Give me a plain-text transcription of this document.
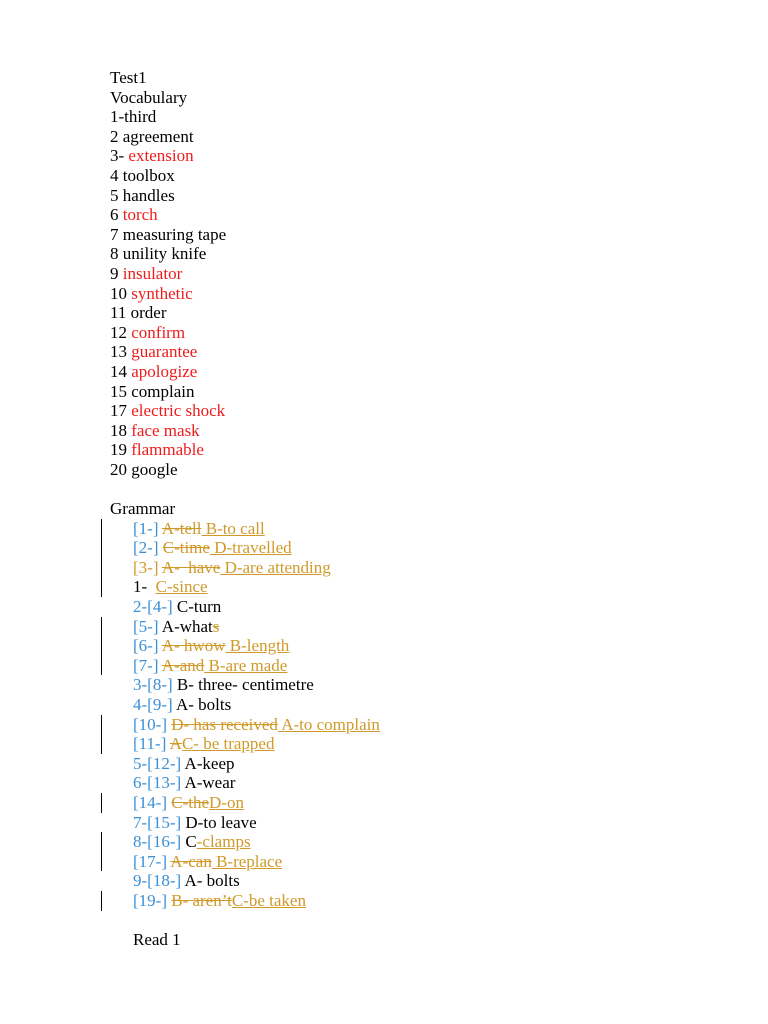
Test1
Vocabulary
1-third
2 agreement
3- extension
4 toolbox
5 handles
6 torch
7 measuring tape
8 unility knife
9 insulator
10 synthetic
11 order
12 confirm
13 guarantee
14 apologize
15 complain
17 electric shock
18 face mask
19 flammable
20 google
Grammar
[1-] A-tell B-to call
[2-] C-time D-travelled
[3-] A-  have D-are attending
1-  C-since
2-[4-] C-turn
[5-] A-whats
[6-] A- hwow B-length
[7-] A-and B-are made
3-[8-] B- three- centimetre
4-[9-] A- bolts
[10-] D- has received A-to complain
[11-] AC- be trapped
5-[12-] A-keep
6-[13-] A-wear
[14-] C-theD-on
7-[15-] D-to leave
8-[16-] C-clamps
[17-] A-can B-replace
9-[18-] A- bolts
[19-] B- aren’tC-be taken
Read 1
